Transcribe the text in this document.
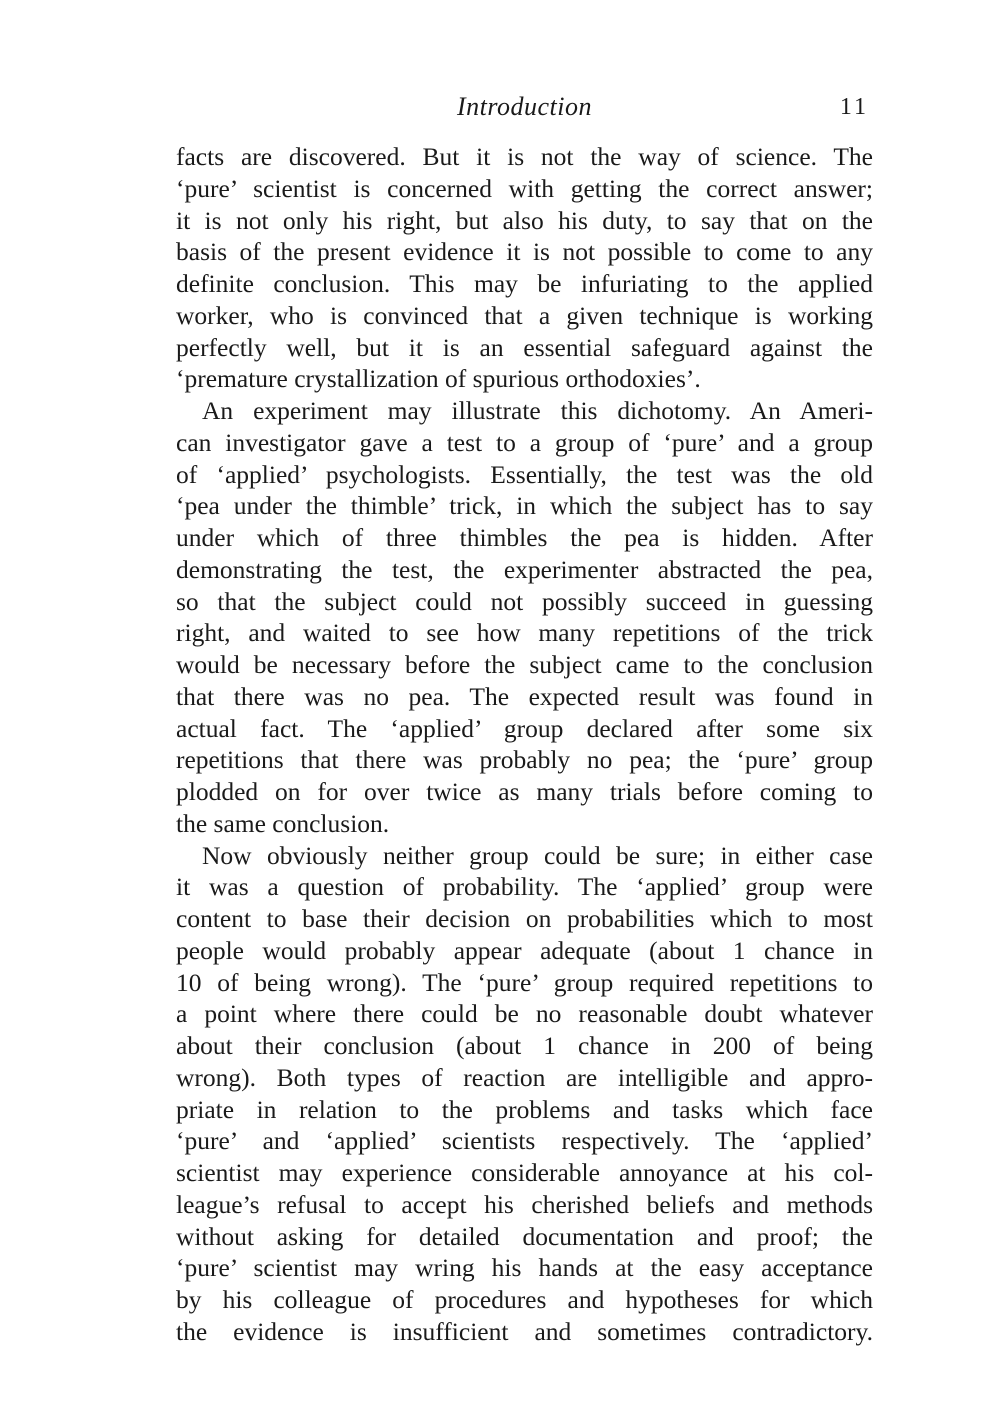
Introduction	11
facts are discovered. But it is not the way of science. The
‘pure’ scientist is concerned with getting the correct answer;
it is not only his right, but also his duty, to say that on the
basis of the present evidence it is not possible to come to any
definite conclusion. This may be infuriating to the applied
worker, who is convinced that a given technique is working
perfectly well, but it is an essential safeguard against the
‘premature crystallization of spurious orthodoxies’.
An experiment may illustrate this dichotomy. An Ameri-
can investigator gave a test to a group of ‘pure’ and a group
of ‘applied’ psychologists. Essentially, the test was the old
‘pea under the thimble’ trick, in which the subject has to say
under which of three thimbles the pea is hidden. After
demonstrating the test, the experimenter abstracted the pea,
so that the subject could not possibly succeed in guessing
right, and waited to see how many repetitions of the trick
would be necessary before the subject came to the conclusion
that there was no pea. The expected result was found in
actual fact. The ‘applied’ group declared after some six
repetitions that there was probably no pea; the ‘pure’ group
plodded on for over twice as many trials before coming to
the same conclusion.
Now obviously neither group could be sure; in either case
it was a question of probability. The ‘applied’ group were
content to base their decision on probabilities which to most
people would probably appear adequate (about 1 chance in
10 of being wrong). The ‘pure’ group required repetitions to
a point where there could be no reasonable doubt whatever
about their conclusion (about 1 chance in 200 of being
wrong). Both types of reaction are intelligible and appro-
priate in relation to the problems and tasks which face
‘pure’ and ‘applied’ scientists respectively. The ‘applied’
scientist may experience considerable annoyance at his col-
league’s refusal to accept his cherished beliefs and methods
without asking for detailed documentation and proof; the
‘pure’ scientist may wring his hands at the easy acceptance
by his colleague of procedures and hypotheses for which
the evidence is insufficient and sometimes contradictory.
